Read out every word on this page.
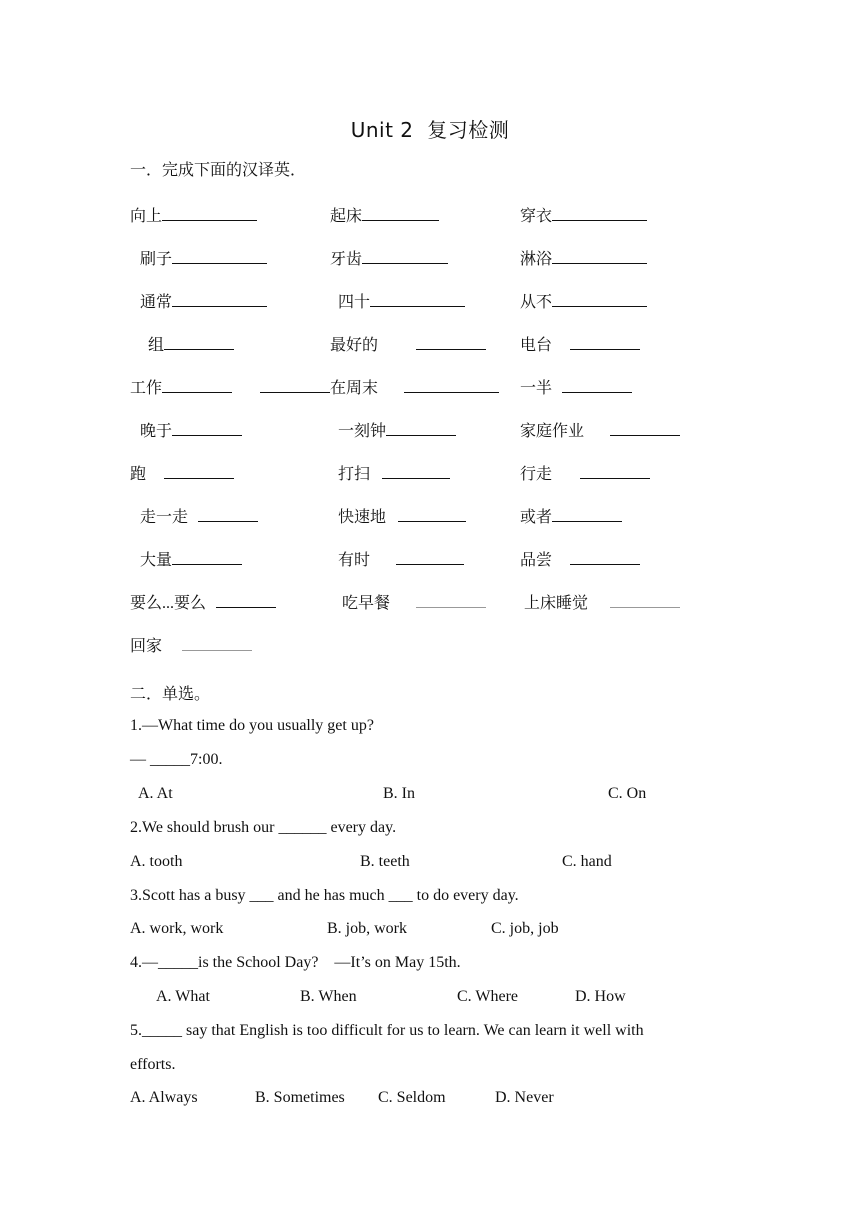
Unit 2  复习检测
一．完成下面的汉译英．
向上	起床	穿衣
刷子	牙齿	淋浴
通常	四十	从不
组	最好的	电台
工作	在周末	一半
晚于	一刻钟	家庭作业
跑	打扫	行走
走一走	快速地	或者
大量	有时	品尝
要么...要么	吃早餐	上床睡觉
回家
二．单选。
1.—What time do you usually get up?
— _____7:00.
A. At	B. In	C. On
2.We should brush our ______ every day.
A. tooth	B. teeth	C. hand
3.Scott has a busy ___ and he has much ___ to do every day.
A. work, work	B. job, work	C. job, job
4.—_____is the School Day?    —It’s on May 15th.
A. What	B. When	C. Where	D. How
5._____ say that English is too difficult for us to learn. We can learn it well with
efforts.
A. Always	B. Sometimes C. Seldom	D. Never
